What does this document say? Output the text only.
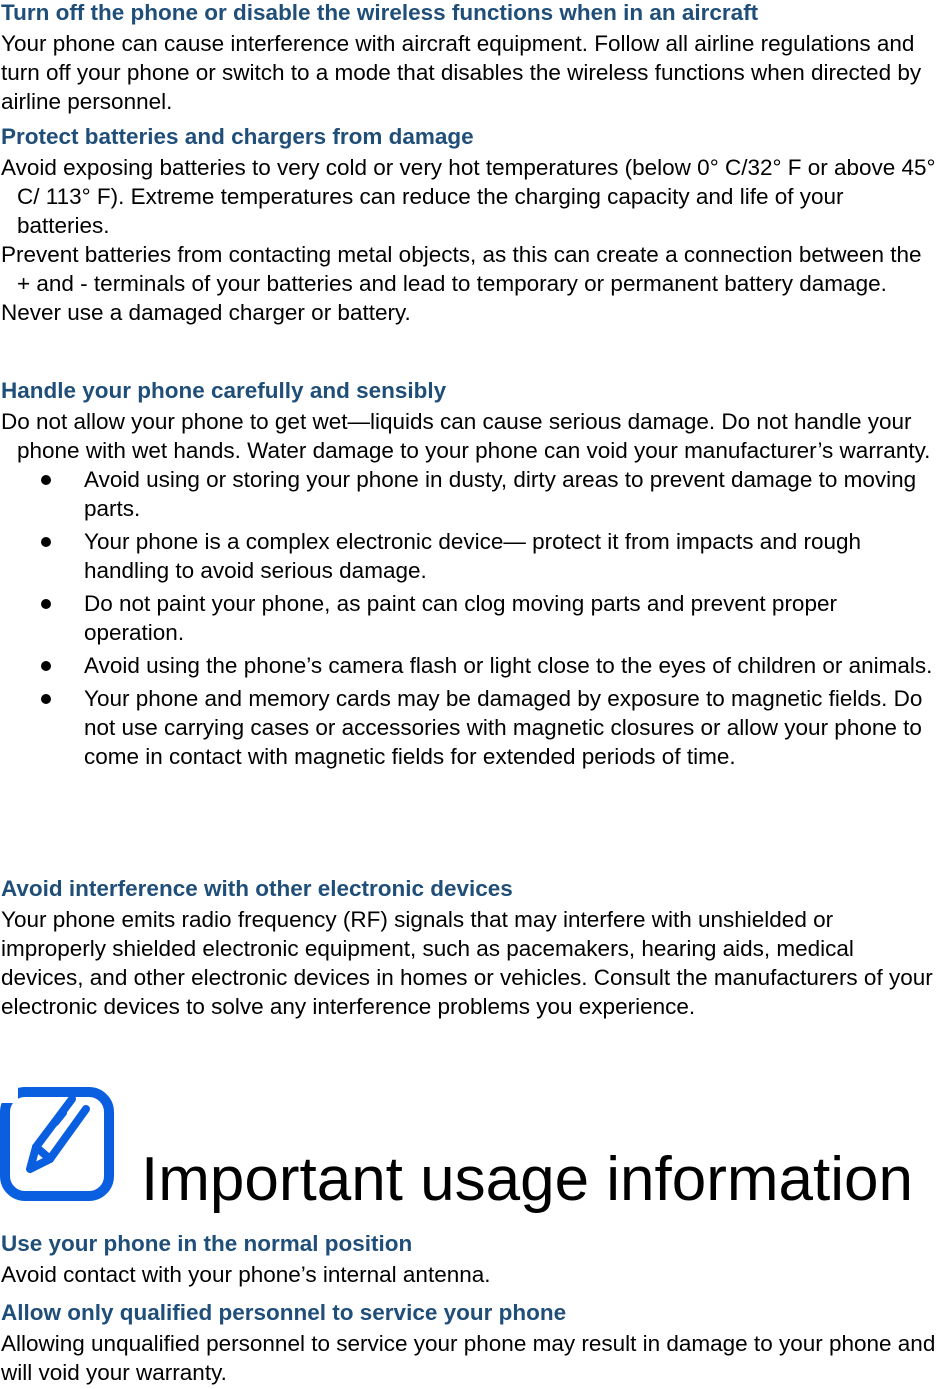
Turn off the phone or disable the wireless functions when in an aircraft

Your phone can cause interference with aircraft equipment. Follow all airline regulations and turn off your phone or switch to a mode that disables the wireless functions when directed by airline personnel.

Protect batteries and chargers from damage

Avoid exposing batteries to very cold or very hot temperatures (below 0° C/32° F or above 45° C/ 113° F). Extreme temperatures can reduce the charging capacity and life of your batteries.

Prevent batteries from contacting metal objects, as this can create a connection between the + and - terminals of your batteries and lead to temporary or permanent battery damage.

Never use a damaged charger or battery.

Handle your phone carefully and sensibly

Do not allow your phone to get wet—liquids can cause serious damage. Do not handle your phone with wet hands. Water damage to your phone can void your manufacturer’s warranty.

Avoid using or storing your phone in dusty, dirty areas to prevent damage to moving parts.
Your phone is a complex electronic device— protect it from impacts and rough handling to avoid serious damage.
Do not paint your phone, as paint can clog moving parts and prevent proper operation.
Avoid using the phone’s camera flash or light close to the eyes of children or animals.
Your phone and memory cards may be damaged by exposure to magnetic fields. Do not use carrying cases or accessories with magnetic closures or allow your phone to come in contact with magnetic fields for extended periods of time.
Avoid interference with other electronic devices

Your phone emits radio frequency (RF) signals that may interfere with unshielded or improperly shielded electronic equipment, such as pacemakers, hearing aids, medical devices, and other electronic devices in homes or vehicles. Consult the manufacturers of your electronic devices to solve any interference problems you experience.

Important usage information
Use your phone in the normal position

Avoid contact with your phone’s internal antenna.

Allow only qualified personnel to service your phone

Allowing unqualified personnel to service your phone may result in damage to your phone and will void your warranty.
